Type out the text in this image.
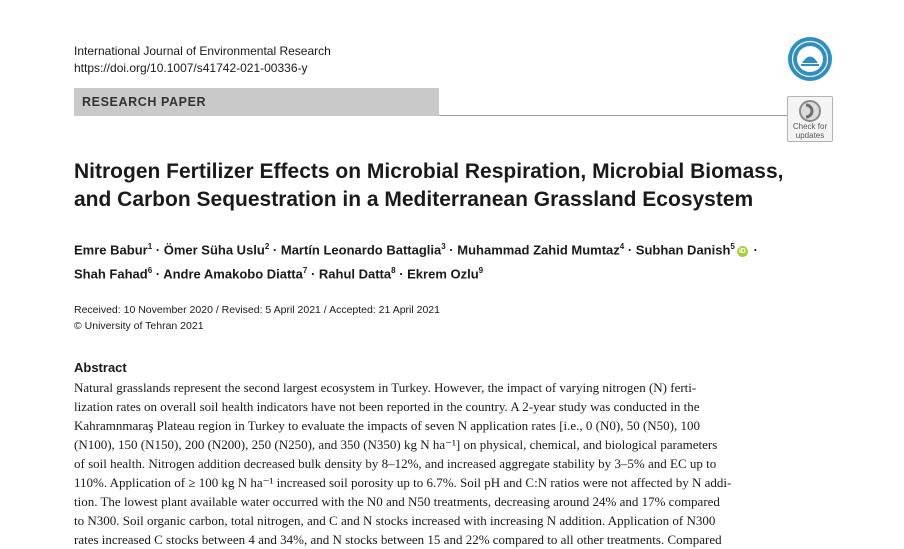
International Journal of Environmental Research
https://doi.org/10.1007/s41742-021-00336-y
RESEARCH PAPER
Check for
updates
Nitrogen Fertilizer Effects on Microbial Respiration, Microbial Biomass,
and Carbon Sequestration in a Mediterranean Grassland Ecosystem
Emre Babur$^1$ · Ömer Süha Uslu$^2$ · Martín Leonardo Battaglia$^3$ · Muhammad Zahid Mumtaz$^4$ · Subhan Danish$^5$iD ·
Shah Fahad$^6$ · Andre Amakobo Diatta$^7$ · Rahul Datta$^8$ · Ekrem Ozlu$^9$
Received: 10 November 2020 / Revised: 5 April 2021 / Accepted: 21 April 2021
© University of Tehran 2021
Abstract

Natural grasslands represent the second largest ecosystem in Turkey. However, the impact of varying nitrogen (N) ferti-

lization rates on overall soil health indicators have not been reported in the country. A 2-year study was conducted in the

Kahramnmaraş Plateau region in Turkey to evaluate the impacts of seven N application rates [i.e., 0 (N0), 50 (N50), 100

(N100), 150 (N150), 200 (N200), 250 (N250), and 350 (N350) kg N ha⁻¹] on physical, chemical, and biological parameters

of soil health. Nitrogen addition decreased bulk density by 8–12%, and increased aggregate stability by 3–5% and EC up to

110%. Application of ≥ 100 kg N ha⁻¹ increased soil porosity up to 6.7%. Soil pH and C:N ratios were not affected by N addi-

tion. The lowest plant available water occurred with the N0 and N50 treatments, decreasing around 24% and 17% compared

to N300. Soil organic carbon, total nitrogen, and C and N stocks increased with increasing N addition. Application of N300

rates increased C stocks between 4 and 34%, and N stocks between 15 and 22% compared to all other treatments. Compared
